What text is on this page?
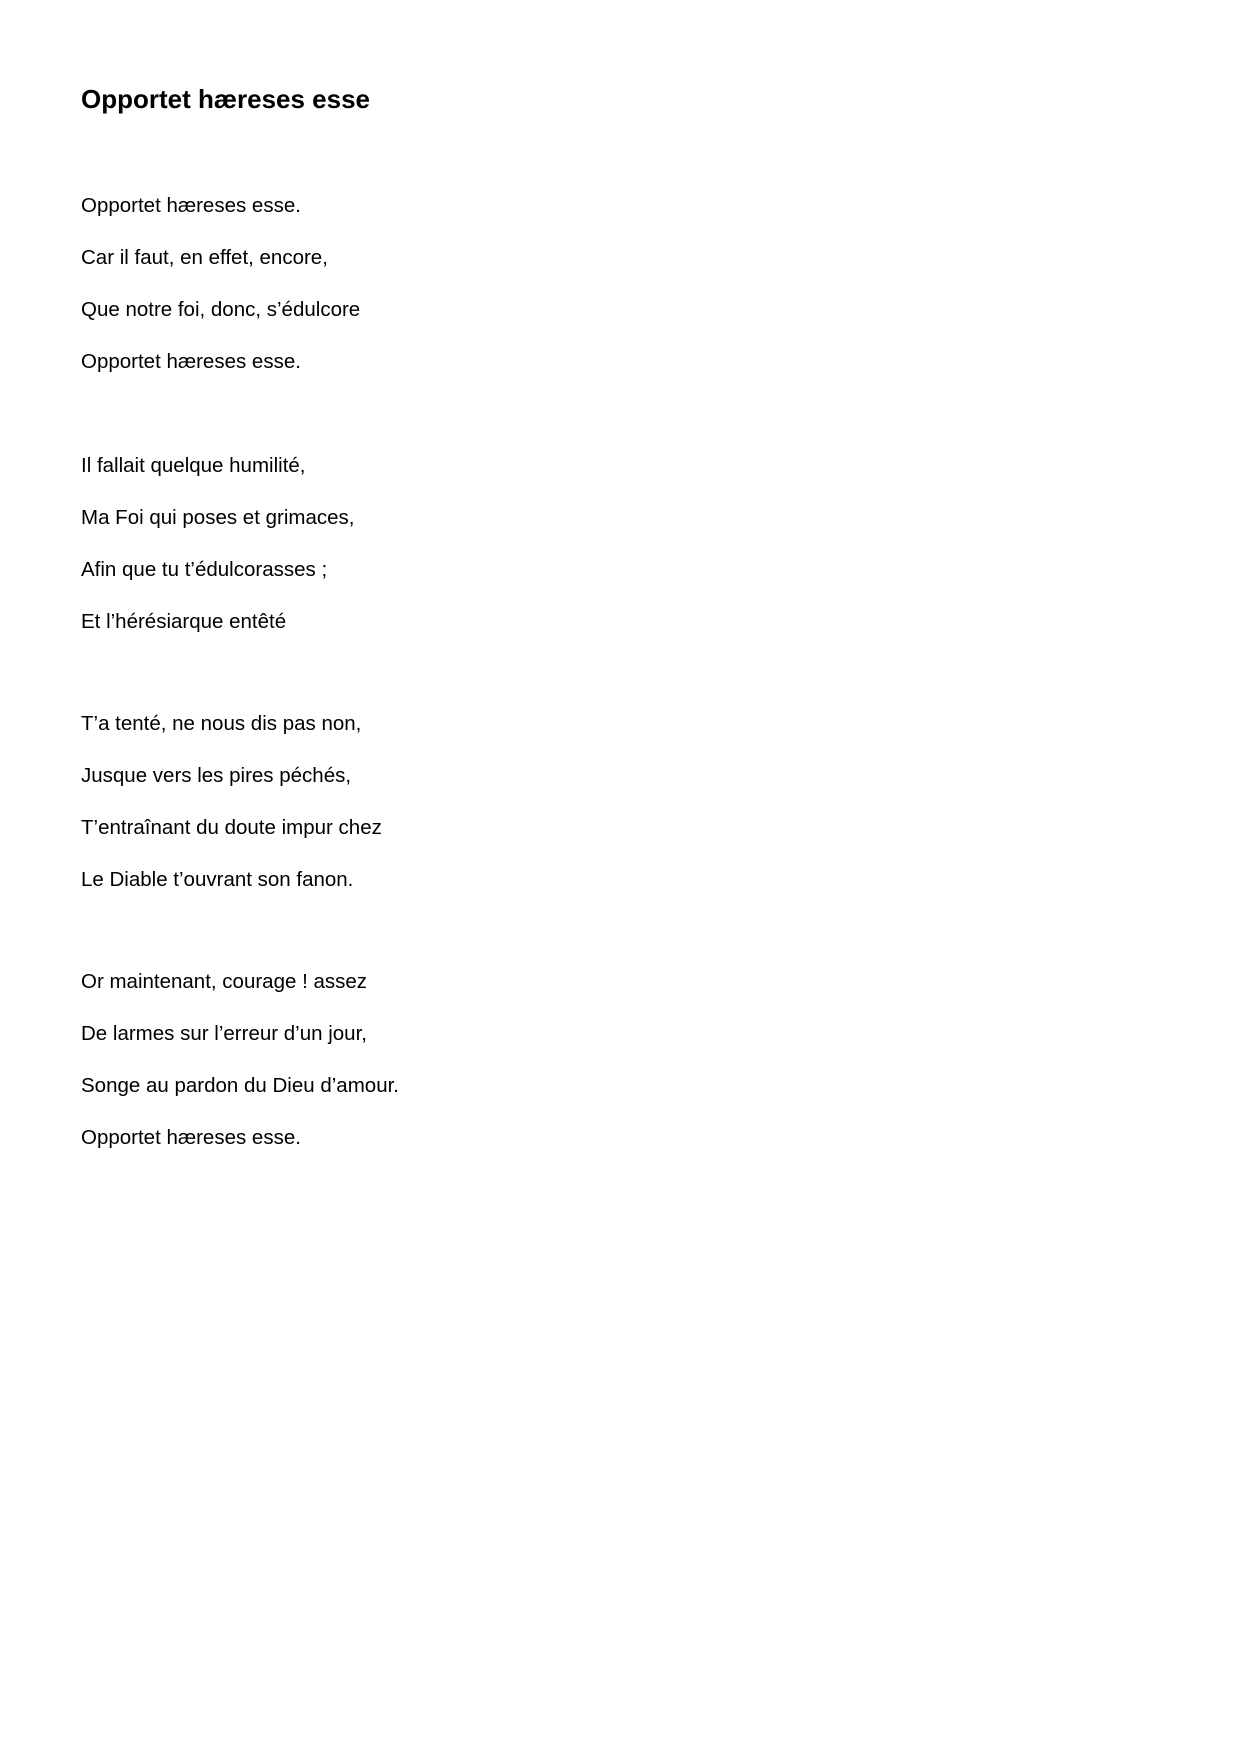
Opportet hæreses esse
Opportet hæreses esse.
Car il faut, en effet, encore,
Que notre foi, donc, s’édulcore
Opportet hæreses esse.
Il fallait quelque humilité,
Ma Foi qui poses et grimaces,
Afin que tu t’édulcorasses ;
Et l’hérésiarque entêté
T’a tenté, ne nous dis pas non,
Jusque vers les pires péchés,
T’entraînant du doute impur chez
Le Diable t’ouvrant son fanon.
Or maintenant, courage ! assez
De larmes sur l’erreur d’un jour,
Songe au pardon du Dieu d’amour.
Opportet hæreses esse.
